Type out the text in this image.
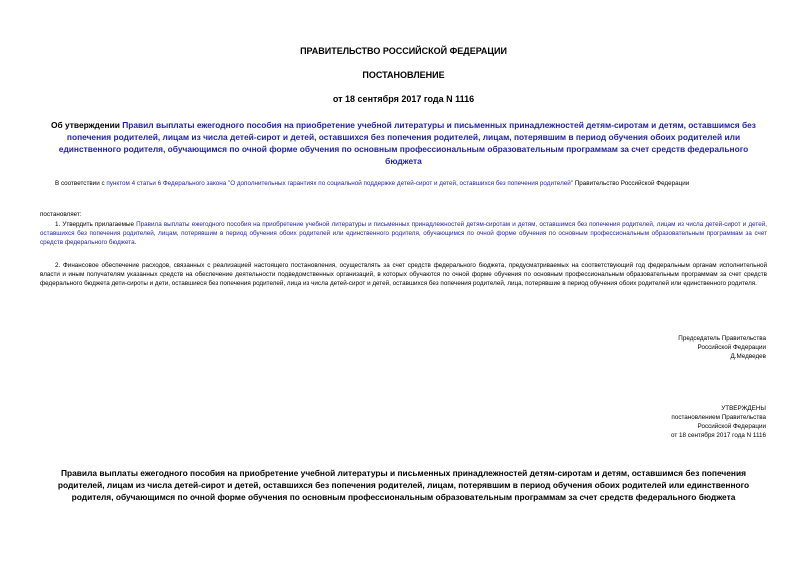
ПРАВИТЕЛЬСТВО РОССИЙСКОЙ ФЕДЕРАЦИИ
ПОСТАНОВЛЕНИЕ
от 18 сентября 2017 года N 1116
Об утверждении Правил выплаты ежегодного пособия на приобретение учебной литературы и письменных принадлежностей детям-сиротам и детям, оставшимся без попечения родителей, лицам из числа детей-сирот и детей, оставшихся без попечения родителей, лицам, потерявшим в период обучения обоих родителей или единственного родителя, обучающимся по очной форме обучения по основным профессиональным образовательным программам за счет средств федерального бюджета
В соответствии с пунктом 4 статьи 6 Федерального закона "О дополнительных гарантиях по социальной поддержке детей-сирот и детей, оставшихся без попечения родителей" Правительство Российской Федерации
постановляет:
1. Утвердить прилагаемые Правила выплаты ежегодного пособия на приобретение учебной литературы и письменных принадлежностей детям-сиротам и детям, оставшимся без попечения родителей, лицам из числа детей-сирот и детей, оставшихся без попечения родителей, лицам, потерявшим в период обучения обоих родителей или единственного родителя, обучающимся по очной форме обучения по основным профессиональным образовательным программам за счет средств федерального бюджета.
2. Финансовое обеспечение расходов, связанных с реализацией настоящего постановления, осуществлять за счет средств федерального бюджета, предусматриваемых на соответствующий год федеральным органам исполнительной власти и иным получателям указанных средств на обеспечение деятельности подведомственных организаций, в которых обучаются по очной форме обучения по основным профессиональным образовательным программам за счет средств федерального бюджета дети-сироты и дети, оставшиеся без попечения родителей, лица из числа детей-сирот и детей, оставшихся без попечения родителей, лица, потерявшие в период обучения обоих родителей или единственного родителя.
Председатель Правительства
Российской Федерации
Д.Медведев
УТВЕРЖДЕНЫ
постановлением Правительства
Российской Федерации
от 18 сентября 2017 года N 1116
Правила выплаты ежегодного пособия на приобретение учебной литературы и письменных принадлежностей детям-сиротам и детям, оставшимся без попечения родителей, лицам из числа детей-сирот и детей, оставшихся без попечения родителей, лицам, потерявшим в период обучения обоих родителей или единственного родителя, обучающимся по очной форме обучения по основным профессиональным образовательным программам за счет средств федерального бюджета
